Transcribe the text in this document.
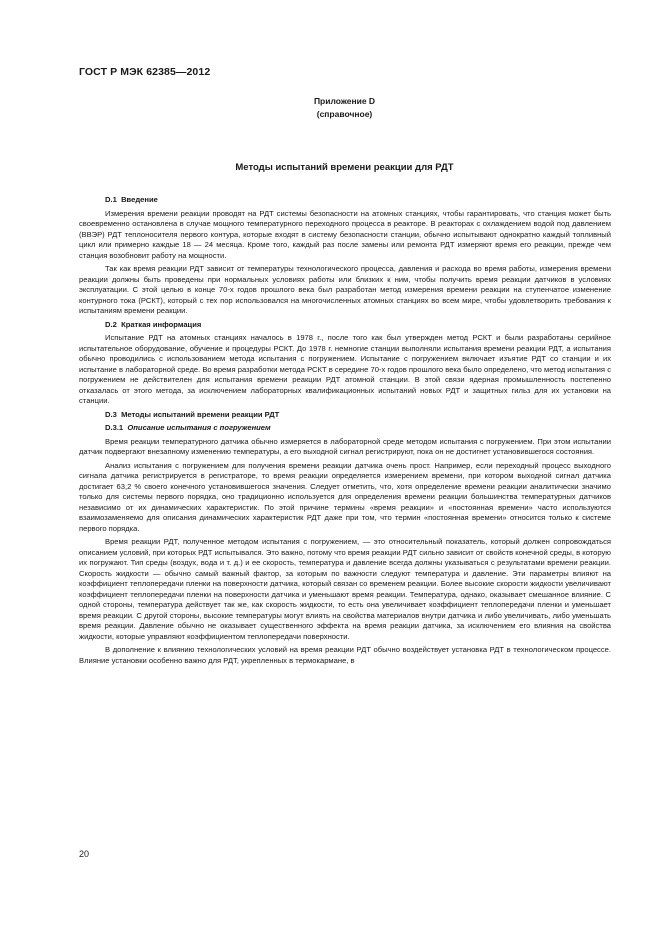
ГОСТ Р МЭК 62385—2012
Приложение D
(справочное)
Методы испытаний времени реакции для РДТ
D.1 Введение

Измерения времени реакции проводят на РДТ системы безопасности на атомных станциях, чтобы гарантировать, что станция может быть своевременно остановлена в случае мощного температурного переходного процесса в реакторе. В реакторах с охлаждением водой под давлением (ВВЭР) РДТ теплоносителя первого контура, которые входят в систему безопасности станции, обычно испытывают однократно каждый топливный цикл или примерно каждые 18 — 24 месяца. Кроме того, каждый раз после замены или ремонта РДТ измеряют время его реакции, прежде чем станция возобновит работу на мощности.

Так как время реакции РДТ зависит от температуры технологического процесса, давления и расхода во время работы, измерения времени реакции должны быть проведены при нормальных условиях работы или близких к ним, чтобы получить время реакции датчиков в условиях эксплуатации. С этой целью в конце 70-х годов прошлого века был разработан метод измерения времени реакции на ступенчатое изменение контурного тока (РСКТ), который с тех пор использовался на многочисленных атомных станциях во всем мире, чтобы удовлетворить требования к испытаниям времени реакции.

D.2 Краткая информация

Испытание РДТ на атомных станциях началось в 1978 г., после того как был утвержден метод РСКТ и были разработаны серийное испытательное оборудование, обучение и процедуры РСКТ. До 1978 г. немногие станции выполняли испытания времени реакции РДТ, а испытания обычно проводились с использованием метода испытания с погружением. Испытание с погружением включает изъятие РДТ со станции и их испытание в лабораторной среде. Во время разработки метода РСКТ в середине 70-х годов прошлого века было определено, что метод испытания с погружением не действителен для испытания времени реакции РДТ атомной станции. В этой связи ядерная промышленность постепенно отказалась от этого метода, за исключением лабораторных квалификационных испытаний новых РДТ и защитных гильз для их установки на станции.

D.3 Методы испытаний времени реакции РДТ
D.3.1 Описание испытания с погружением

Время реакции температурного датчика обычно измеряется в лабораторной среде методом испытания с погружением. При этом испытании датчик подвергают внезапному изменению температуры, а его выходной сигнал регистрируют, пока он не достигнет установившегося состояния.

Анализ испытания с погружением для получения времени реакции датчика очень прост. Например, если переходный процесс выходного сигнала датчика регистрируется в регистраторе, то время реакции определяется измерением времени, при котором выходной сигнал датчика достигает 63,2 % своего конечного установившегося значения. Следует отметить, что, хотя определение времени реакции аналитически значимо только для системы первого порядка, оно традиционно используется для определения времени реакции большинства температурных датчиков независимо от их динамических характеристик. По этой причине термины «время реакции» и «постоянная времени» часто используются взаимозаменяемо для описания динамических характеристик РДТ даже при том, что термин «постоянная времени» относится только к системе первого порядка.

Время реакции РДТ, полученное методом испытания с погружением, — это относительный показатель, который должен сопровождаться описанием условий, при которых РДТ испытывался. Это важно, потому что время реакции РДТ сильно зависит от свойств конечной среды, в которую их погружают. Тип среды (воздух, вода и т. д.) и ее скорость, температура и давление всегда должны указываться с результатами времени реакции. Скорость жидкости — обычно самый важный фактор, за которым по важности следуют температура и давление. Эти параметры влияют на коэффициент теплопередачи пленки на поверхности датчика, который связан со временем реакции. Более высокие скорости жидкости увеличивают коэффициент теплопередачи пленки на поверхности датчика и уменьшают время реакции. Температура, однако, оказывает смешанное влияние. С одной стороны, температура действует так же, как скорость жидкости, то есть она увеличивает коэффициент теплопередачи пленки и уменьшает время реакции. С другой стороны, высокие температуры могут влиять на свойства материалов внутри датчика и либо увеличивать, либо уменьшать время реакции. Давление обычно не оказывает существенного эффекта на время реакции датчика, за исключением его влияния на свойства жидкости, которые управляют коэффициентом теплопередачи поверхности.

В дополнение к влиянию технологических условий на время реакции РДТ обычно воздействует установка РДТ в технологическом процессе. Влияние установки особенно важно для РДТ, укрепленных в термокармане, в

20
